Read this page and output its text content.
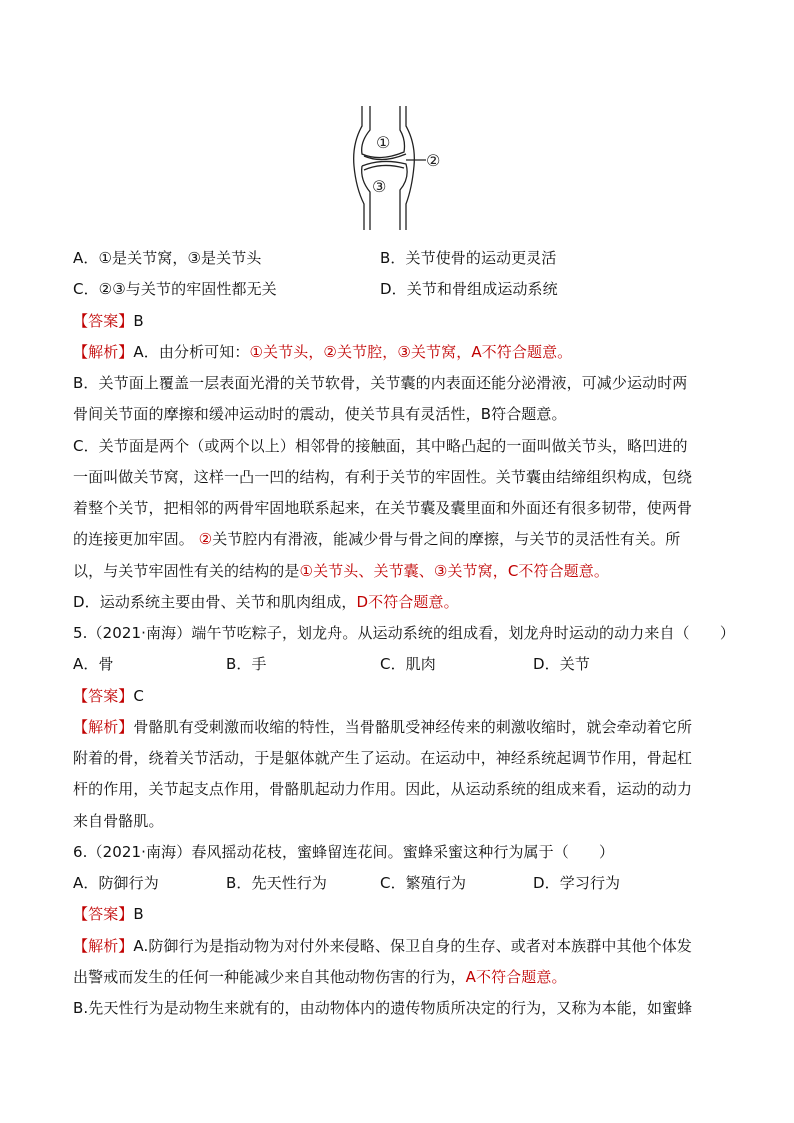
①
②
③
A．①是关节窝，③是关节头	B．关节使骨的运动更灵活
C．②③与关节的牢固性都无关	D．关节和骨组成运动系统
【答案】B
【解析】A．由分析可知：①关节头，②关节腔，③关节窝，A不符合题意。
B．关节面上覆盖一层表面光滑的关节软骨，关节囊的内表面还能分泌滑液，可减少运动时两
骨间关节面的摩擦和缓冲运动时的震动，使关节具有灵活性，B符合题意。
C．关节面是两个（或两个以上）相邻骨的接触面，其中略凸起的一面叫做关节头，略凹进的
一面叫做关节窝，这样一凸一凹的结构，有利于关节的牢固性。关节囊由结缔组织构成，包绕
着整个关节，把相邻的两骨牢固地联系起来，在关节囊及囊里面和外面还有很多韧带，使两骨
的连接更加牢固。 ②关节腔内有滑液，能减少骨与骨之间的摩擦，与关节的灵活性有关。所
以，与关节牢固性有关的结构的是①关节头、关节囊、③关节窝，C不符合题意。
D．运动系统主要由骨、关节和肌肉组成，D不符合题意。
5.（2021·南海）端午节吃粽子，划龙舟。从运动系统的组成看，划龙舟时运动的动力来自（　　）
A．骨	B．手	C．肌肉	D．关节
【答案】C
【解析】骨骼肌有受刺激而收缩的特性，当骨骼肌受神经传来的刺激收缩时，就会牵动着它所
附着的骨，绕着关节活动，于是躯体就产生了运动。在运动中，神经系统起调节作用，骨起杠
杆的作用，关节起支点作用，骨骼肌起动力作用。因此，从运动系统的组成来看，运动的动力
来自骨骼肌。
6.（2021·南海）春风摇动花枝，蜜蜂留连花间。蜜蜂采蜜这种行为属于（　　）
A．防御行为	B．先天性行为	C．繁殖行为	D．学习行为
【答案】B
【解析】A.防御行为是指动物为对付外来侵略、保卫自身的生存、或者对本族群中其他个体发
出警戒而发生的任何一种能减少来自其他动物伤害的行为，A不符合题意。
B.先天性行为是动物生来就有的，由动物体内的遗传物质所决定的行为，又称为本能，如蜜蜂
